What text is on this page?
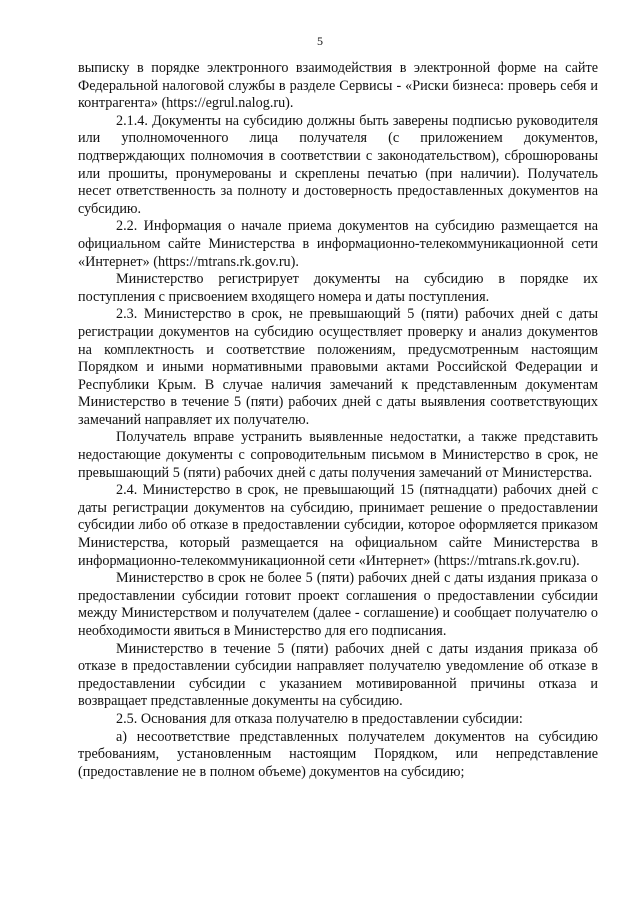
5

выписку в порядке электронного взаимодействия в электронной форме на сайте Федеральной налоговой службы в разделе Сервисы - «Риски бизнеса: проверь себя и контрагента» (https://egrul.nalog.ru).

2.1.4. Документы на субсидию должны быть заверены подписью руководителя или уполномоченного лица получателя (с приложением документов, подтверждающих полномочия в соответствии с законодательством), сброшюрованы или прошиты, пронумерованы и скреплены печатью (при наличии). Получатель несет ответственность за полноту и достоверность предоставленных документов на субсидию.

2.2. Информация о начале приема документов на субсидию размещается на официальном сайте Министерства в информационно-телекоммуникационной сети «Интернет» (https://mtrans.rk.gov.ru).

Министерство регистрирует документы на субсидию в порядке их поступления с присвоением входящего номера и даты поступления.

2.3. Министерство в срок, не превышающий 5 (пяти) рабочих дней с даты регистрации документов на субсидию осуществляет проверку и анализ документов на комплектность и соответствие положениям, предусмотренным настоящим Порядком и иными нормативными правовыми актами Российской Федерации и Республики Крым. В случае наличия замечаний к представленным документам Министерство в течение 5 (пяти) рабочих дней с даты выявления соответствующих замечаний направляет их получателю.

Получатель вправе устранить выявленные недостатки, а также представить недостающие документы с сопроводительным письмом в Министерство в срок, не превышающий 5 (пяти) рабочих дней с даты получения замечаний от Министерства.

2.4. Министерство в срок, не превышающий 15 (пятнадцати) рабочих дней с даты регистрации документов на субсидию, принимает решение о предоставлении субсидии либо об отказе в предоставлении субсидии, которое оформляется приказом Министерства, который размещается на официальном сайте Министерства в информационно-телекоммуникационной сети «Интернет» (https://mtrans.rk.gov.ru).

Министерство в срок не более 5 (пяти) рабочих дней с даты издания приказа о предоставлении субсидии готовит проект соглашения о предоставлении субсидии между Министерством и получателем (далее - соглашение) и сообщает получателю о необходимости явиться в Министерство для его подписания.

Министерство в течение 5 (пяти) рабочих дней с даты издания приказа об отказе в предоставлении субсидии направляет получателю уведомление об отказе в предоставлении субсидии с указанием мотивированной причины отказа и возвращает представленные документы на субсидию.

2.5. Основания для отказа получателю в предоставлении субсидии:

а) несоответствие представленных получателем документов на субсидию требованиям, установленным настоящим Порядком, или непредставление (предоставление не в полном объеме) документов на субсидию;
